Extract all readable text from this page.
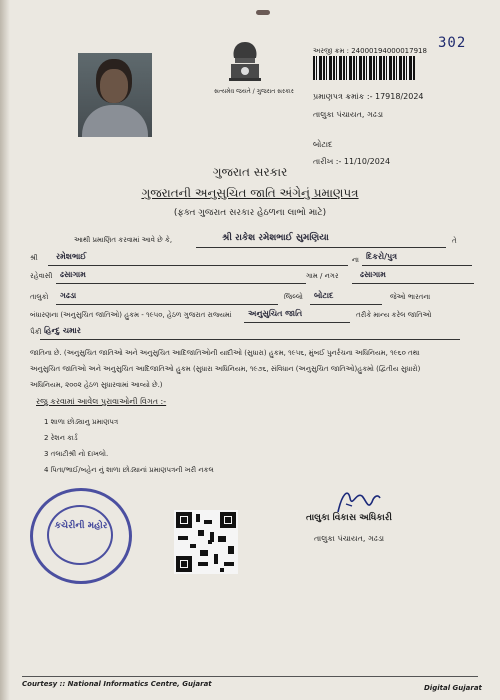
સત્યમેવ જયતે / ગુજરાત સરકાર
302
અરજી ક્રમ : 24000194000017918
પ્રમાણપત્ર ક્રમાંક :- 17918/2024
તાલુકા પંચાયત, ગઢડા
બોટાદ
તારીખ :- 11/10/2024
ગુજરાત સરકાર
ગુજરાતની અનુસુચિત જાતિ અંગેનું પ્રમાણપત્ર
(ફક્ત ગુજરાત સરકાર હેઠળના લાભો માટે)
આથી પ્રમાણિત કરવામાં આવે છે કે,	શ્રી રાકેશ રમેશભાઈ સુમણિયા	તે
શ્રી રમેશભાઈ	ના દિકરો/પુત્ર
રહેવાસી ઢસાગામ	ગામ / નગર	ઢસાગામ
તાલુકો ગઢડા	જિલ્લો બોટાદ	જેઓ ભારતના
બંધારણના (અનુસુચિત જાતિઓ) હુકમ - ૧૯૫૦, હેઠળ ગુજરાત રાજ્યમાં અનુસુચિત જાતિ	તરીકે માન્ય કરેલ જાતિઓ
પૈકી હિન્દુ ચમાર
જાતિના છે. (અનુસુચિત જાતિઓ અને અનુસુચિત આદિજાતિઓની યાદીઓ (સુધારા) હુકમ, ૧૯૫૬, મુંબઈ પુનર્રચના અધિનિયમ, ૧૯૬૦ તથા
અનુસુચિત જાતિઓ અને અનુસુચિત આદિજાતિઓ હુકમ (સુધારા અધિનિયમ, ૧૯૭૬, સંવિધાન (અનુસુચિત જાતિઓ)હુકમો (દ્વિતીય સુધારો)
અધિનિયમ, ૨૦૦૨ હેઠળ સુધારવામાં આવ્યો છે.)
રજુ કરવામાં આવેલ પુરાવાઓની વિગત :-
1 શાળા છોડ્યાનુ પ્રમાણપત્ર
2 રેશન કાર્ડ
3 તલાટીશ્રી નો દાખલો.
4 પિતા/ભાઈ/બહેન નું શાળા છોડ્યાનાં પ્રમાણપત્રની ખરી નકલ
કચેરીની મહોર
તાલુકા વિકાસ અધિકારી
તાલુકા પંચાયત, ગઢડા
Courtesy :: National Informatics Centre, Gujarat	Digital Gujarat
